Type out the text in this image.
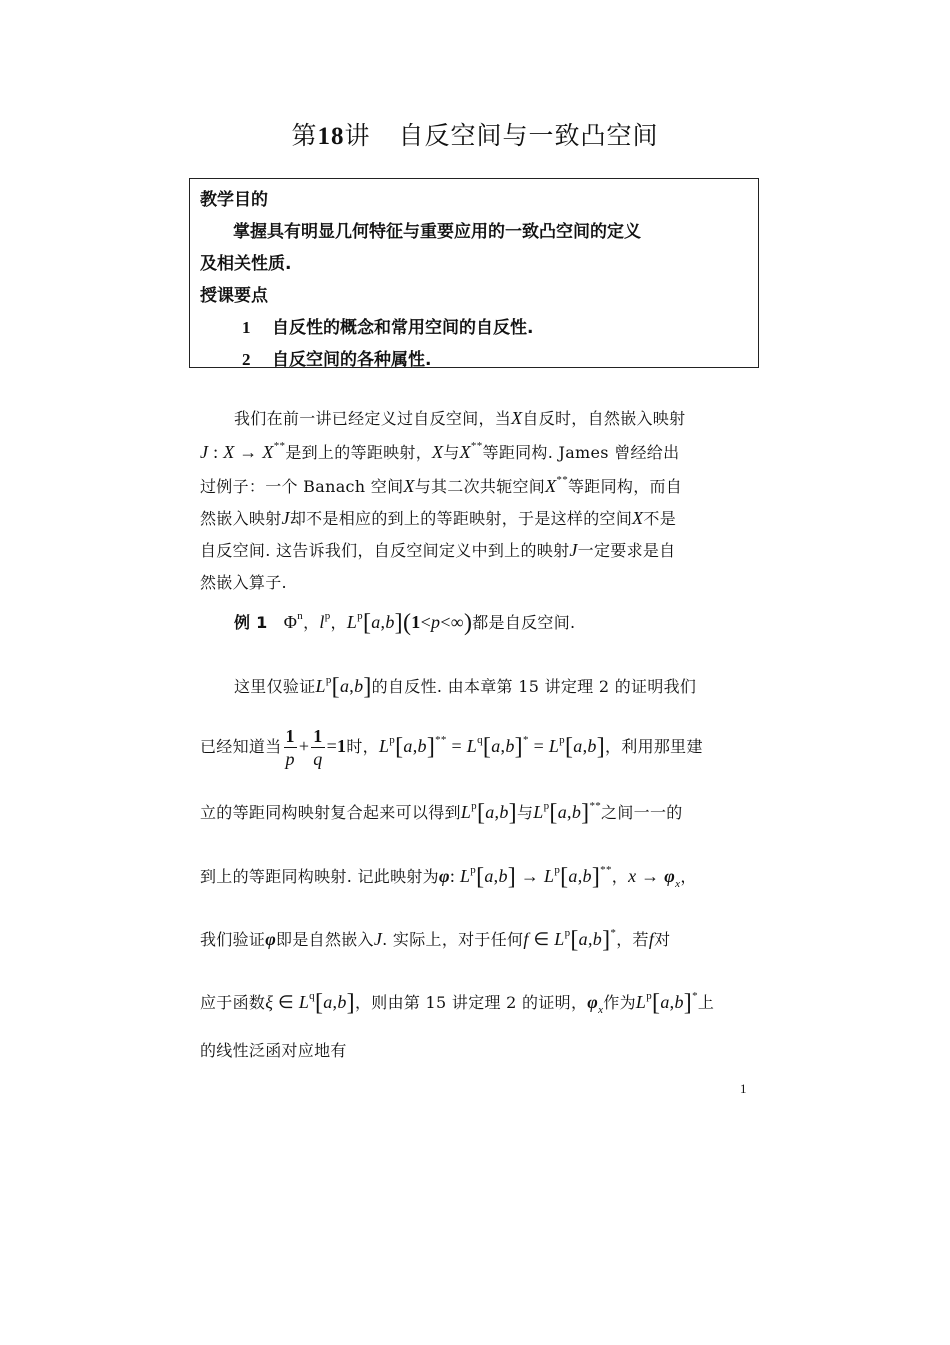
第18讲 自反空间与一致凸空间
教学目的
掌握具有明显几何特征与重要应用的一致凸空间的定义
及相关性质.
授课要点
1 自反性的概念和常用空间的自反性.
2 自反空间的各种属性.
我们在前一讲已经定义过自反空间，当X自反时，自然嵌入映射
J : X → X**是到上的等距映射，X与X**等距同构. James 曾经给出
过例子：一个 Banach 空间X与其二次共轭空间X**等距同构，而自
然嵌入映射J却不是相应的到上的等距映射，于是这样的空间X不是
自反空间. 这告诉我们，自反空间定义中到上的映射J一定要求是自
然嵌入算子.
例 1 $\Phi^n$，$l^p$，$L^p[a,b](1<p<\infty)$都是自反空间.
这里仅验证$L^p[a,b]$的自反性. 由本章第 15 讲定理 2 的证明我们
已经知道当 $\frac{1}{p} + \frac{1}{q} =1$时，$L^p[a,b]^{**} = L^q[a,b]^* = L^p[a,b]$，利用那里建
立的等距同构映射复合起来可以得到$L^p[a,b]$与$L^p[a,b]^{**}$之间一一的
到上的等距同构映射. 记此映射为φ: $L^p[a,b] \to L^p[a,b]^{**}$，$x \to \varphi_x$，
我们验证φ即是自然嵌入J. 实际上，对于任何f ∈ $L^p[a,b]^*$，若f对
应于函数ξ ∈ $L^q[a,b]$，则由第 15 讲定理 2 的证明，$\varphi_x$作为$L^p[a,b]^*$上
的线性泛函对应地有
1
